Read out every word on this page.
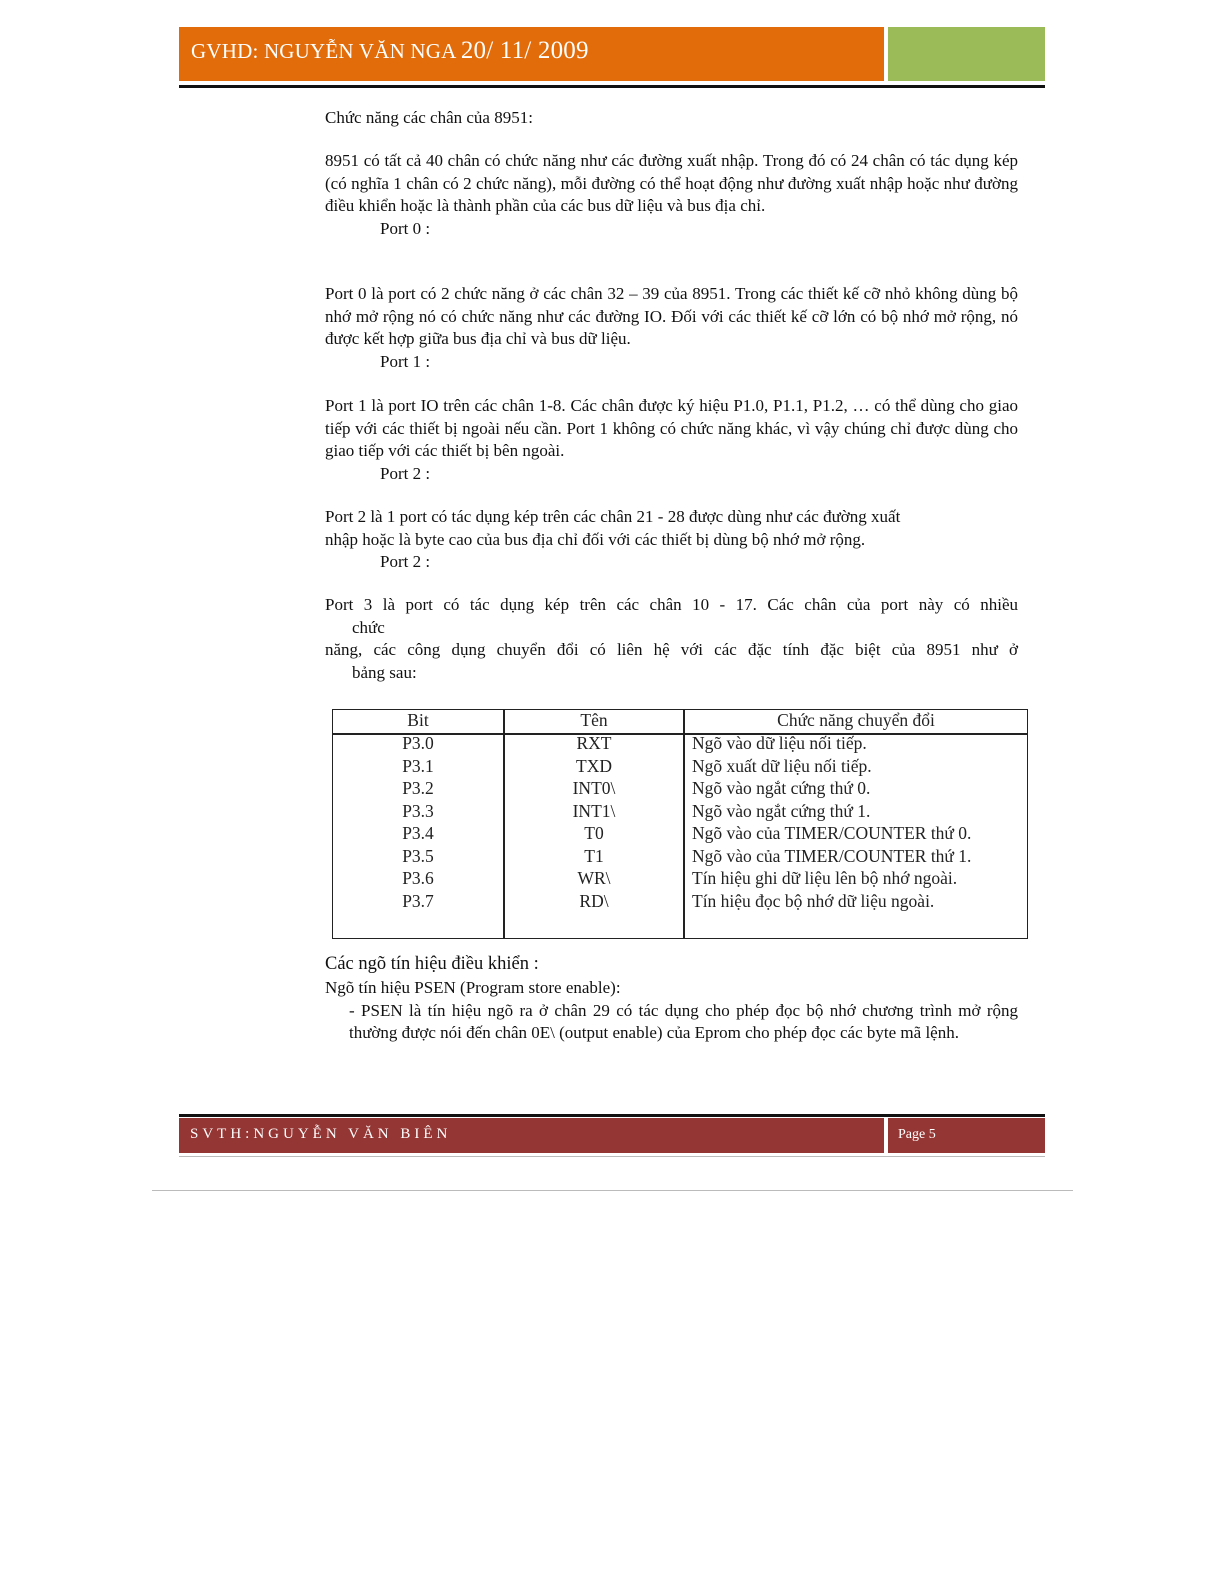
GVHD: NGUYỄN VĂN NGA 20/ 11/ 2009

Chức năng các chân của 8951:

8951 có tất cả 40 chân có chức năng như các đường xuất nhập. Trong đó có 24 chân có tác dụng kép (có nghĩa 1 chân có 2 chức năng), mỗi đường có thể hoạt động như đường xuất nhập hoặc như đường điều khiển hoặc là thành phần của các bus dữ liệu và bus địa chỉ.

Port 0 :

Port 0 là port có 2 chức năng ở các chân 32 – 39 của 8951. Trong các thiết kế cỡ nhỏ không dùng bộ nhớ mở rộng nó có chức năng như các đường IO. Đối với các thiết kế cỡ lớn có bộ nhớ mở rộng, nó được kết hợp giữa bus địa chỉ và bus dữ liệu.

Port 1 :

Port 1 là port IO trên các chân 1-8. Các chân được ký hiệu P1.0, P1.1, P1.2, … có thể dùng cho giao tiếp với các thiết bị ngoài nếu cần. Port 1 không có chức năng khác, vì vậy chúng chỉ được dùng cho giao tiếp với các thiết bị bên ngoài.

Port 2 :

Port 2 là 1 port có tác dụng kép trên các chân 21 - 28 được dùng như các đường xuất

nhập hoặc là byte cao của bus địa chỉ đối với các thiết bị dùng bộ nhớ mở rộng.

Port 2 :

Port 3 là port có tác dụng kép trên các chân 10 - 17. Các chân của port này có nhiều

chức

năng, các công dụng chuyển đổi có liên hệ với các đặc tính đặc biệt của 8951 như ở

bảng sau:

Bit	Tên	Chức năng chuyển đổi
P3.0	RXT	Ngõ vào dữ liệu nối tiếp.
P3.1	TXD	Ngõ xuất dữ liệu nối tiếp.
P3.2	INT0\	Ngõ vào ngắt cứng thứ 0.
P3.3	INT1\	Ngõ vào ngắt cứng thứ 1.
P3.4	T0	Ngõ vào của TIMER/COUNTER thứ 0.
P3.5	T1	Ngõ vào của TIMER/COUNTER thứ 1.
P3.6	WR\	Tín hiệu ghi dữ liệu lên bộ nhớ ngoài.
P3.7	RD\	Tín hiệu đọc bộ nhớ dữ liệu ngoài.

Các ngõ tín hiệu điều khiển :

Ngõ tín hiệu PSEN (Program store enable):

- PSEN là tín hiệu ngõ ra ở chân 29 có tác dụng cho phép đọc bộ nhớ chương trình mở rộng thường được nói đến chân 0E\ (output enable) của Eprom cho phép đọc các byte mã lệnh.

SVTH:NGUYỄN VĂN BIÊN	Page 5
